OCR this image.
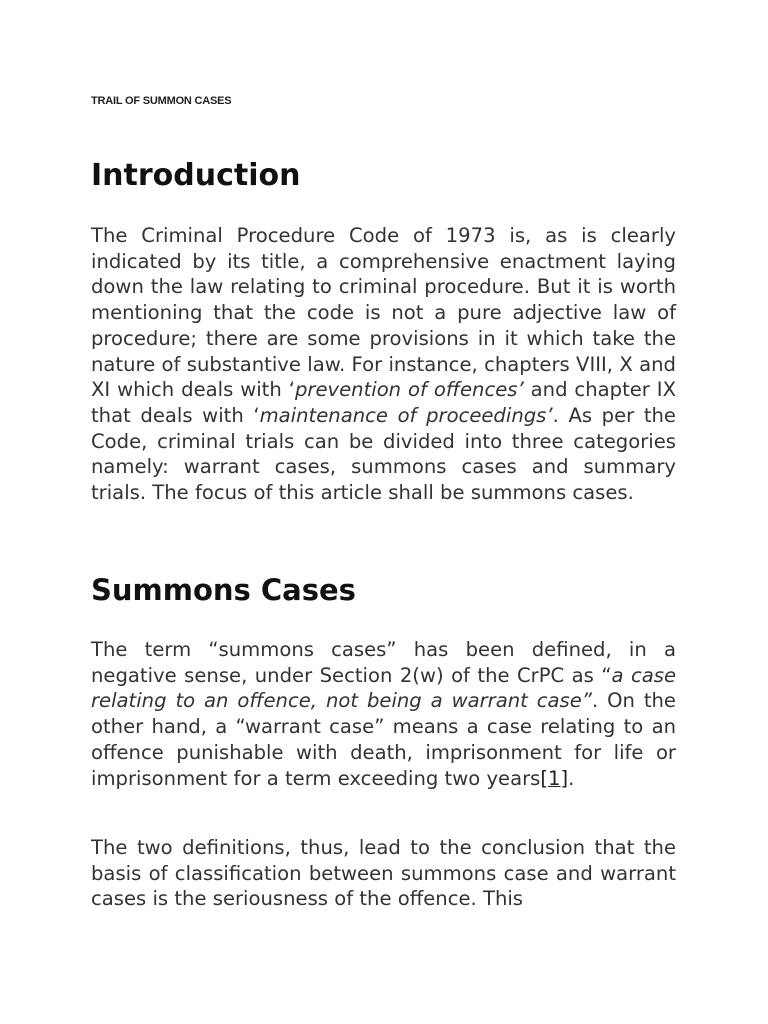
TRAIL OF SUMMON CASES
Introduction

The Criminal Procedure Code of 1973 is, as is clearly indicated by its title, a comprehensive enactment laying down the law relating to criminal procedure. But it is worth mentioning that the code is not a pure adjective law of procedure; there are some provisions in it which take the nature of substantive law. For instance, chapters VIII, X and XI which deals with ‘prevention of offences’ and chapter IX that deals with ‘maintenance of proceedings’. As per the Code, criminal trials can be divided into three categories namely: warrant cases, summons cases and summary trials. The focus of this article shall be summons cases.

Summons Cases

The term “summons cases” has been defined, in a negative sense, under Section 2(w) of the CrPC as “a case relating to an offence, not being a warrant case”. On the other hand, a “warrant case” means a case relating to an offence punishable with death, imprisonment for life or imprisonment for a term exceeding two years[1].

The two definitions, thus, lead to the conclusion that the basis of classification between summons case and warrant cases is the seriousness of the offence. This
